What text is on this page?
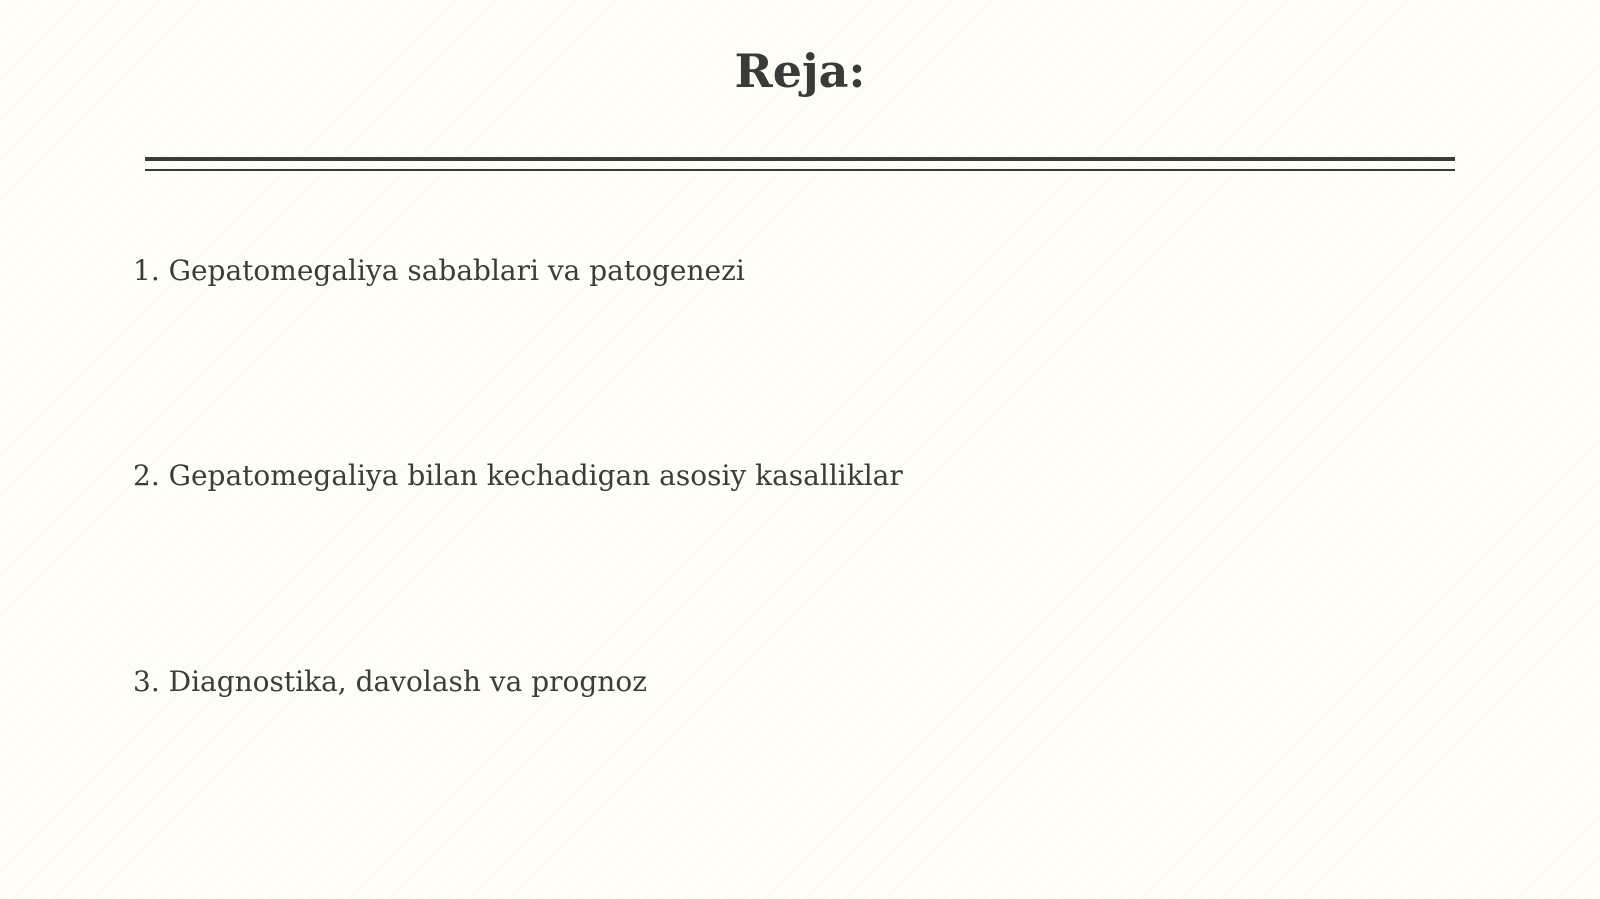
Reja:
1. Gepatomegaliya sabablari va patogenezi
2. Gepatomegaliya bilan kechadigan asosiy kasalliklar
3. Diagnostika, davolash va prognoz
